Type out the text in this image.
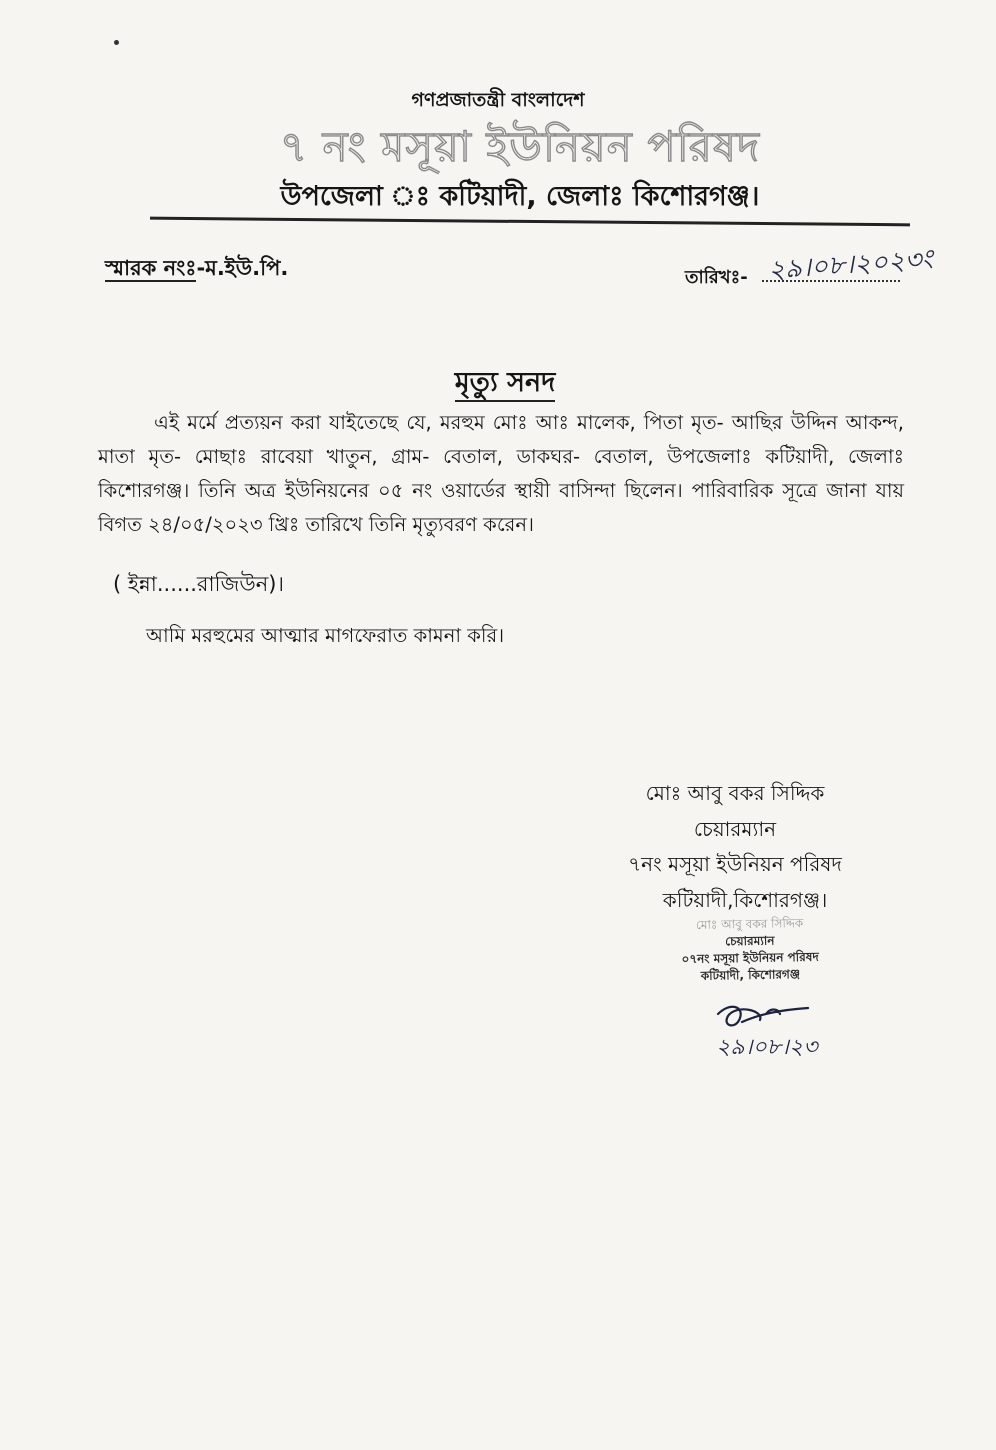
গণপ্রজাতন্ত্রী বাংলাদেশ
৭ নং মসূয়া ইউনিয়ন পরিষদ
উপজেলা ঃ কটিয়াদী, জেলাঃ কিশোরগঞ্জ।
স্মারক নংঃ-ম.ইউ.পি.	তারিখঃ- ২৯।০৮।২০২৩ং
মৃত্যু সনদ
এই মর্মে প্রত্যয়ন করা যাইতেছে যে, মরহুম মোঃ আঃ মালেক, পিতা মৃত- আছির উদ্দিন আকন্দ, মাতা মৃত- মোছাঃ রাবেয়া খাতুন, গ্রাম- বেতাল, ডাকঘর- বেতাল, উপজেলাঃ কটিয়াদী, জেলাঃ কিশোরগঞ্জ। তিনি অত্র ইউনিয়নের ০৫ নং ওয়ার্ডের স্থায়ী বাসিন্দা ছিলেন। পারিবারিক সূত্রে জানা যায় বিগত ২৪/০৫/২০২৩ খ্রিঃ তারিখে তিনি মৃত্যুবরণ করেন।
( ইন্না......রাজিউন)।
আমি মরহুমের আত্মার মাগফেরাত কামনা করি।
মোঃ আবু বকর সিদ্দিক
চেয়ারম্যান
৭নং মসূয়া ইউনিয়ন পরিষদ
কটিয়াদী,কিশোরগঞ্জ।
মোঃ আবু বকর সিদ্দিক
চেয়ারম্যান
০৭নং মসূয়া ইউনিয়ন পরিষদ
কটিয়াদী, কিশোরগঞ্জ
২৯।০৮।২৩
